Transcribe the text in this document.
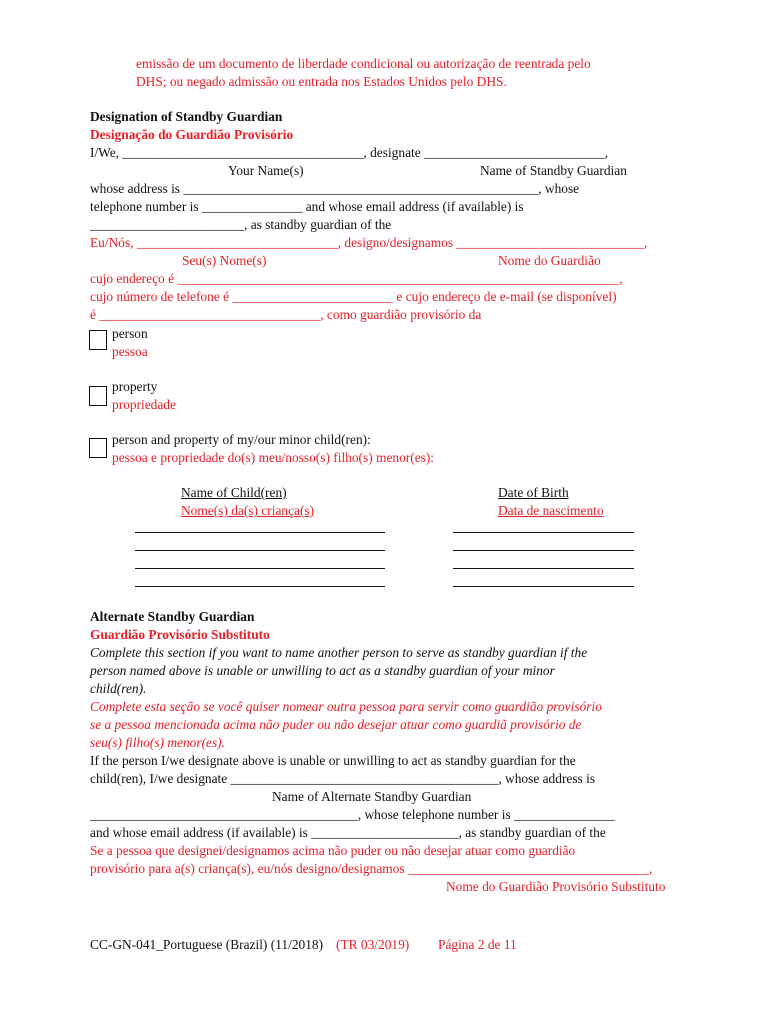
emissão de um documento de liberdade condicional ou autorização de reentrada pelo
DHS; ou negado admissão ou entrada nos Estados Unidos pelo DHS.
Designation of Standby Guardian
Designação do Guardião Provisório
I/We, ____________________________________, designate ___________________________,
Your Name(s)	Name of Standby Guardian
whose address is _____________________________________________________, whose
telephone number is _______________ and whose email address (if available) is
_______________________, as standby guardian of the
Eu/Nós, ______________________________, designo/designamos ____________________________,
Seu(s) Nome(s)	Nome do Guardião
cujo endereço é __________________________________________________________________,
cujo número de telefone é ________________________ e cujo endereço de e-mail (se disponível)
é _________________________________, como guardião provisório da
person
pessoa
property
propriedade
person and property of my/our minor child(ren):
pessoa e propriedade do(s) meu/nosso(s) filho(s) menor(es):
Name of Child(ren)
Nome(s) da(s) criança(s)
Date of Birth
Data de nascimento
Alternate Standby Guardian
Guardião Provisório Substituto
Complete this section if you want to name another person to serve as standby guardian if the
person named above is unable or unwilling to act as a standby guardian of your minor
child(ren).
Complete esta seção se você quiser nomear outra pessoa para servir como guardião provisório
se a pessoa mencionada acima não puder ou não desejar atuar como guardiã provisório de
seu(s) filho(s) menor(es).
If the person I/we designate above is unable or unwilling to act as standby guardian for the
child(ren), I/we designate ________________________________________, whose address is
Name of Alternate Standby Guardian
________________________________________, whose telephone number is _______________
and whose email address (if available) is ______________________, as standby guardian of the
Se a pessoa que designei/designamos acima não puder ou não desejar atuar como guardião
provisório para a(s) criança(s), eu/nós designo/designamos ____________________________________,
Nome do Guardião Provisório Substituto
CC-GN-041_Portuguese (Brazil) (11/2018) (TR 03/2019) Página 2 de 11
